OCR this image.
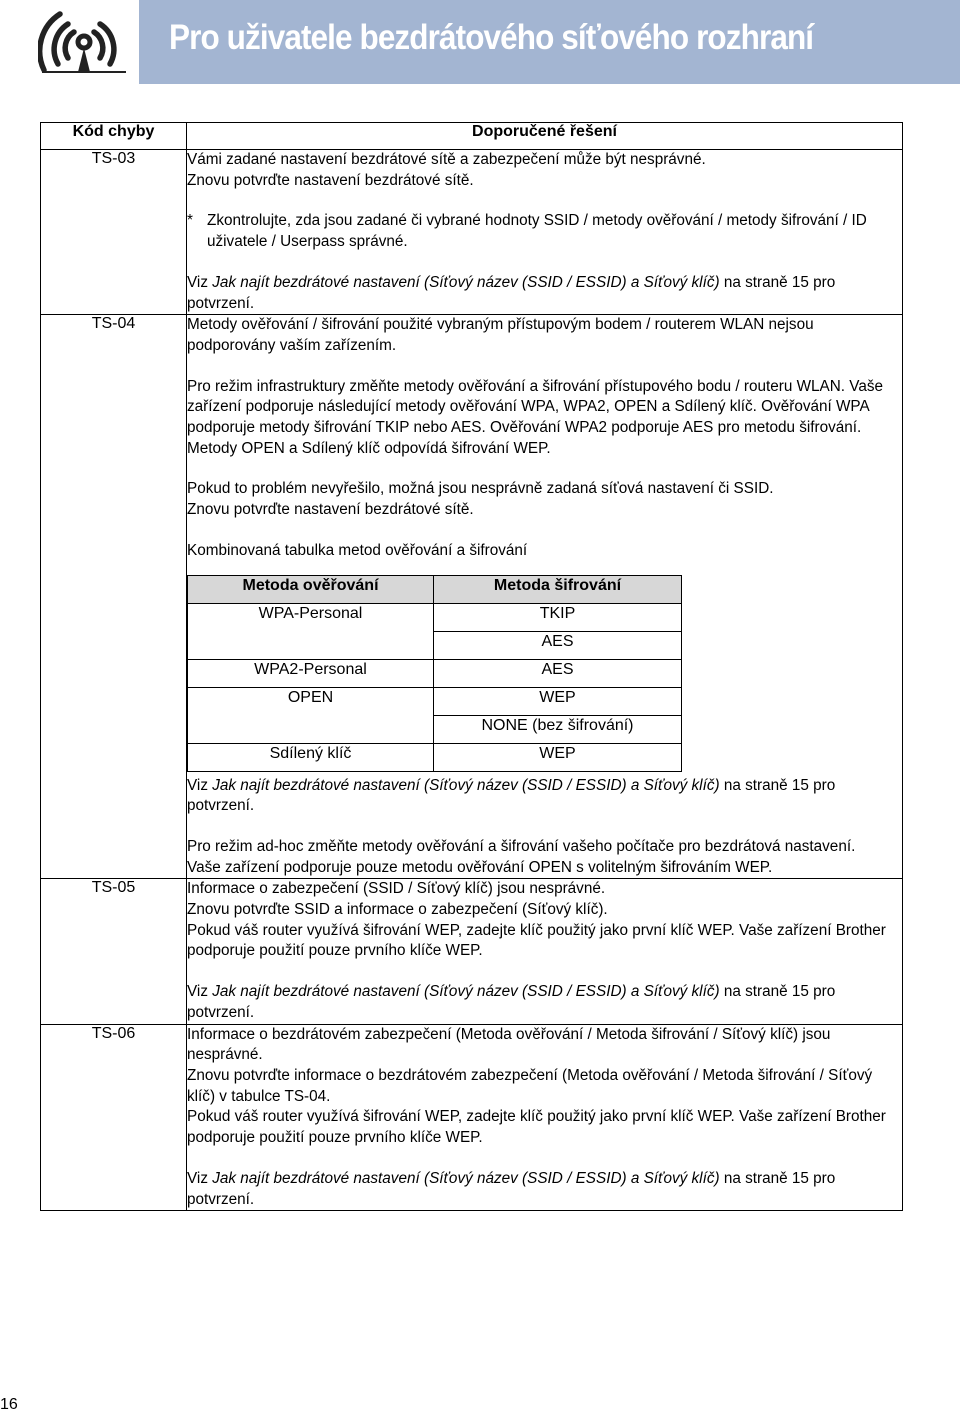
Pro uživatele bezdrátového síťového rozhraní
Kód chyby	Doporučené řešení
TS-03	Vámi zadané nastavení bezdrátové sítě a zabezpečení může být nesprávné.

Znovu potvrďte nastavení bezdrátové sítě.

* Zkontrolujte, zda jsou zadané či vybrané hodnoty SSID / metody ověřování / metody šifrování / ID uživatele / Userpass správné.

Viz Jak najít bezdrátové nastavení (Síťový název (SSID / ESSID) a Síťový klíč) na straně 15 pro potvrzení.

TS-04	Metody ověřování / šifrování použité vybraným přístupovým bodem / routerem WLAN nejsou podporovány vaším zařízením.

Pro režim infrastruktury změňte metody ověřování a šifrování přístupového bodu / routeru WLAN. Vaše zařízení podporuje následující metody ověřování WPA, WPA2, OPEN a Sdílený klíč. Ověřování WPA podporuje metody šifrování TKIP nebo AES. Ověřování WPA2 podporuje AES pro metodu šifrování. Metody OPEN a Sdílený klíč odpovídá šifrování WEP.

Pokud to problém nevyřešilo, možná jsou nesprávně zadaná síťová nastavení či SSID.

Znovu potvrďte nastavení bezdrátové sítě.

Kombinovaná tabulka metod ověřování a šifrování

Metoda ověřování	Metoda šifrování
WPA-Personal	TKIP
AES
WPA2-Personal	AES
OPEN	WEP
NONE (bez šifrování)
Sdílený klíč	WEP

Viz Jak najít bezdrátové nastavení (Síťový název (SSID / ESSID) a Síťový klíč) na straně 15 pro potvrzení.

Pro režim ad-hoc změňte metody ověřování a šifrování vašeho počítače pro bezdrátová nastavení.

Vaše zařízení podporuje pouze metodu ověřování OPEN s volitelným šifrováním WEP.

TS-05	Informace o zabezpečení (SSID / Síťový klíč) jsou nesprávné.

Znovu potvrďte SSID a informace o zabezpečení (Síťový klíč).

Pokud váš router využívá šifrování WEP, zadejte klíč použitý jako první klíč WEP. Vaše zařízení Brother podporuje použití pouze prvního klíče WEP.

Viz Jak najít bezdrátové nastavení (Síťový název (SSID / ESSID) a Síťový klíč) na straně 15 pro potvrzení.

TS-06	Informace o bezdrátovém zabezpečení (Metoda ověřování / Metoda šifrování / Síťový klíč) jsou nesprávné.

Znovu potvrďte informace o bezdrátovém zabezpečení (Metoda ověřování / Metoda šifrování / Síťový klíč) v tabulce TS-04.

Pokud váš router využívá šifrování WEP, zadejte klíč použitý jako první klíč WEP. Vaše zařízení Brother podporuje použití pouze prvního klíče WEP.

Viz Jak najít bezdrátové nastavení (Síťový název (SSID / ESSID) a Síťový klíč) na straně 15 pro potvrzení.

16
